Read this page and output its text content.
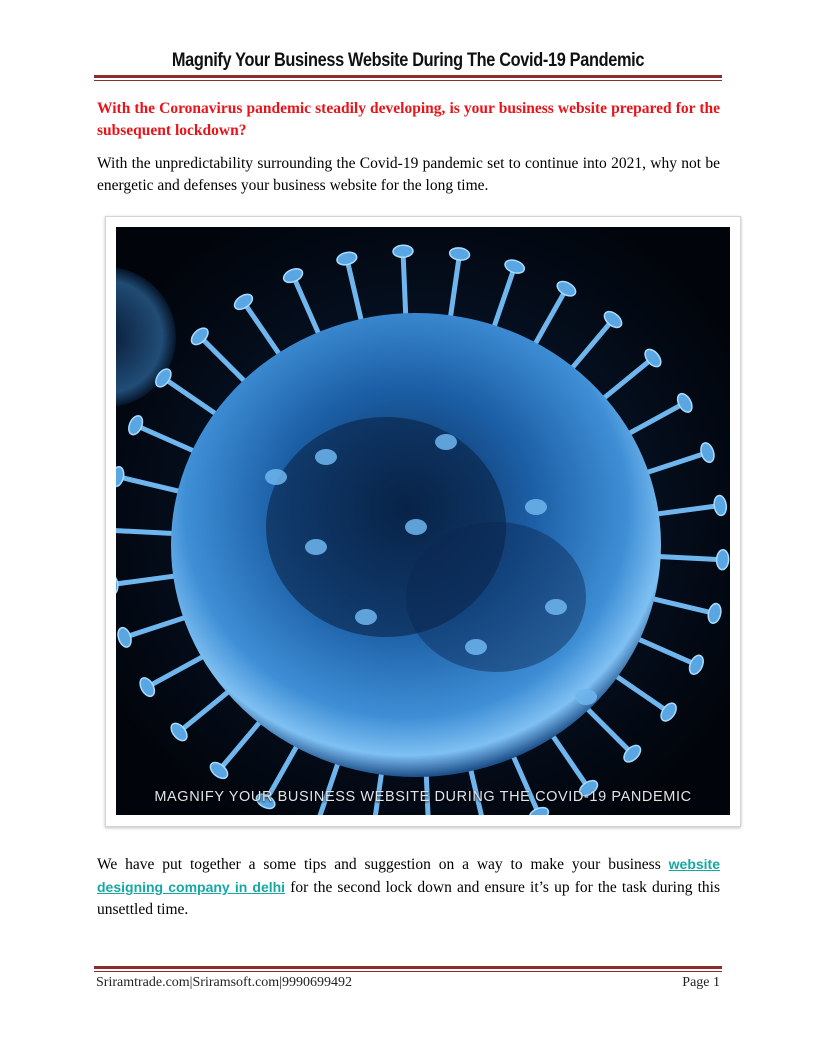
Magnify Your Business Website During The Covid-19 Pandemic

With the Coronavirus pandemic steadily developing, is your business website prepared for the subsequent lockdown?

With the unpredictability surrounding the Covid-19 pandemic set to continue into 2021, why not be energetic and defenses your business website for the long time.

MAGNIFY YOUR BUSINESS WEBSITE DURING THE COVID-19 PANDEMIC

We have put together a some tips and suggestion on a way to make your business website designing company in delhi for the second lock down and ensure it’s up for the task during this unsettled time.

Sriramtrade.com|Sriramsoft.com|9990699492	Page 1
